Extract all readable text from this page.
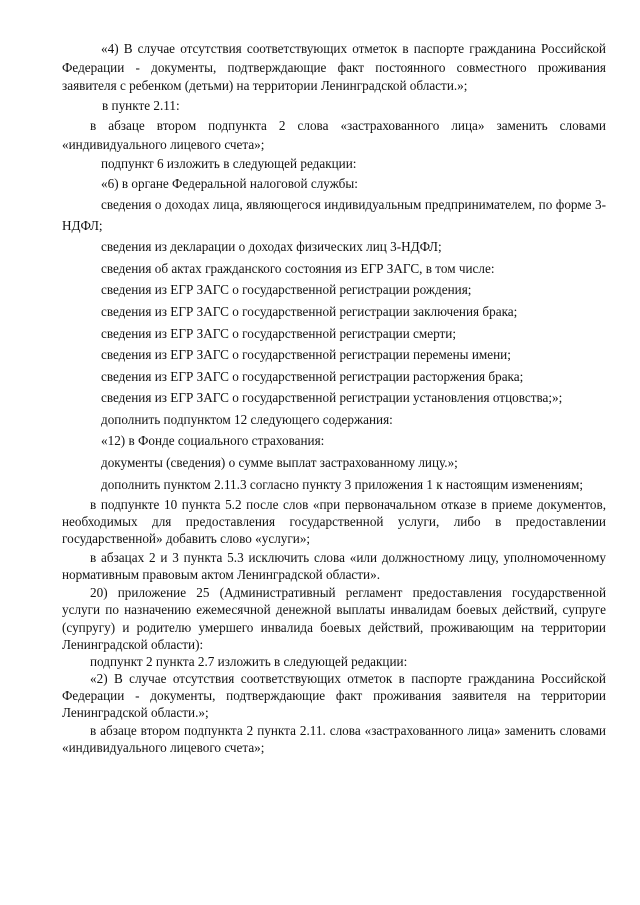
«4) В случае отсутствия соответствующих отметок в паспорте гражданина Российской Федерации - документы, подтверждающие факт постоянного совместного проживания заявителя с ребенком (детьми) на территории Ленинградской области.»;

в пункте 2.11:

в абзаце втором подпункта 2 слова «застрахованного лица» заменить словами «индивидуального лицевого счета»;

подпункт 6 изложить в следующей редакции:

«6) в органе Федеральной налоговой службы:

сведения о доходах лица, являющегося индивидуальным предпринимателем, по форме 3-НДФЛ;

сведения из декларации о доходах физических лиц 3-НДФЛ;

сведения об актах гражданского состояния из ЕГР ЗАГС, в том числе:

сведения из ЕГР ЗАГС о государственной регистрации рождения;

сведения из ЕГР ЗАГС о государственной регистрации заключения брака;

сведения из ЕГР ЗАГС о государственной регистрации смерти;

сведения из ЕГР ЗАГС о государственной регистрации перемены имени;

сведения из ЕГР ЗАГС о государственной регистрации расторжения брака;

сведения из ЕГР ЗАГС о государственной регистрации установления отцовства;»;

дополнить подпунктом 12 следующего содержания:

«12) в Фонде социального страхования:

документы (сведения) о сумме выплат застрахованному лицу.»;

дополнить пунктом 2.11.3 согласно пункту 3 приложения 1 к настоящим изменениям;

в подпункте 10 пункта 5.2 после слов «при первоначальном отказе в приеме документов, необходимых для предоставления государственной услуги, либо в предоставлении государственной» добавить слово «услуги»;

в абзацах 2 и 3 пункта 5.3 исключить слова «или должностному лицу, уполномоченному нормативным правовым актом Ленинградской области».

20) приложение 25 (Административный регламент предоставления государственной услуги по назначению ежемесячной денежной выплаты инвалидам боевых действий, супруге (супругу) и родителю умершего инвалида боевых действий, проживающим на территории Ленинградской области):

подпункт 2 пункта 2.7 изложить в следующей редакции:

«2) В случае отсутствия соответствующих отметок в паспорте гражданина Российской Федерации - документы, подтверждающие факт проживания заявителя на территории Ленинградской области.»;

в абзаце втором подпункта 2 пункта 2.11. слова «застрахованного лица» заменить словами «индивидуального лицевого счета»;
